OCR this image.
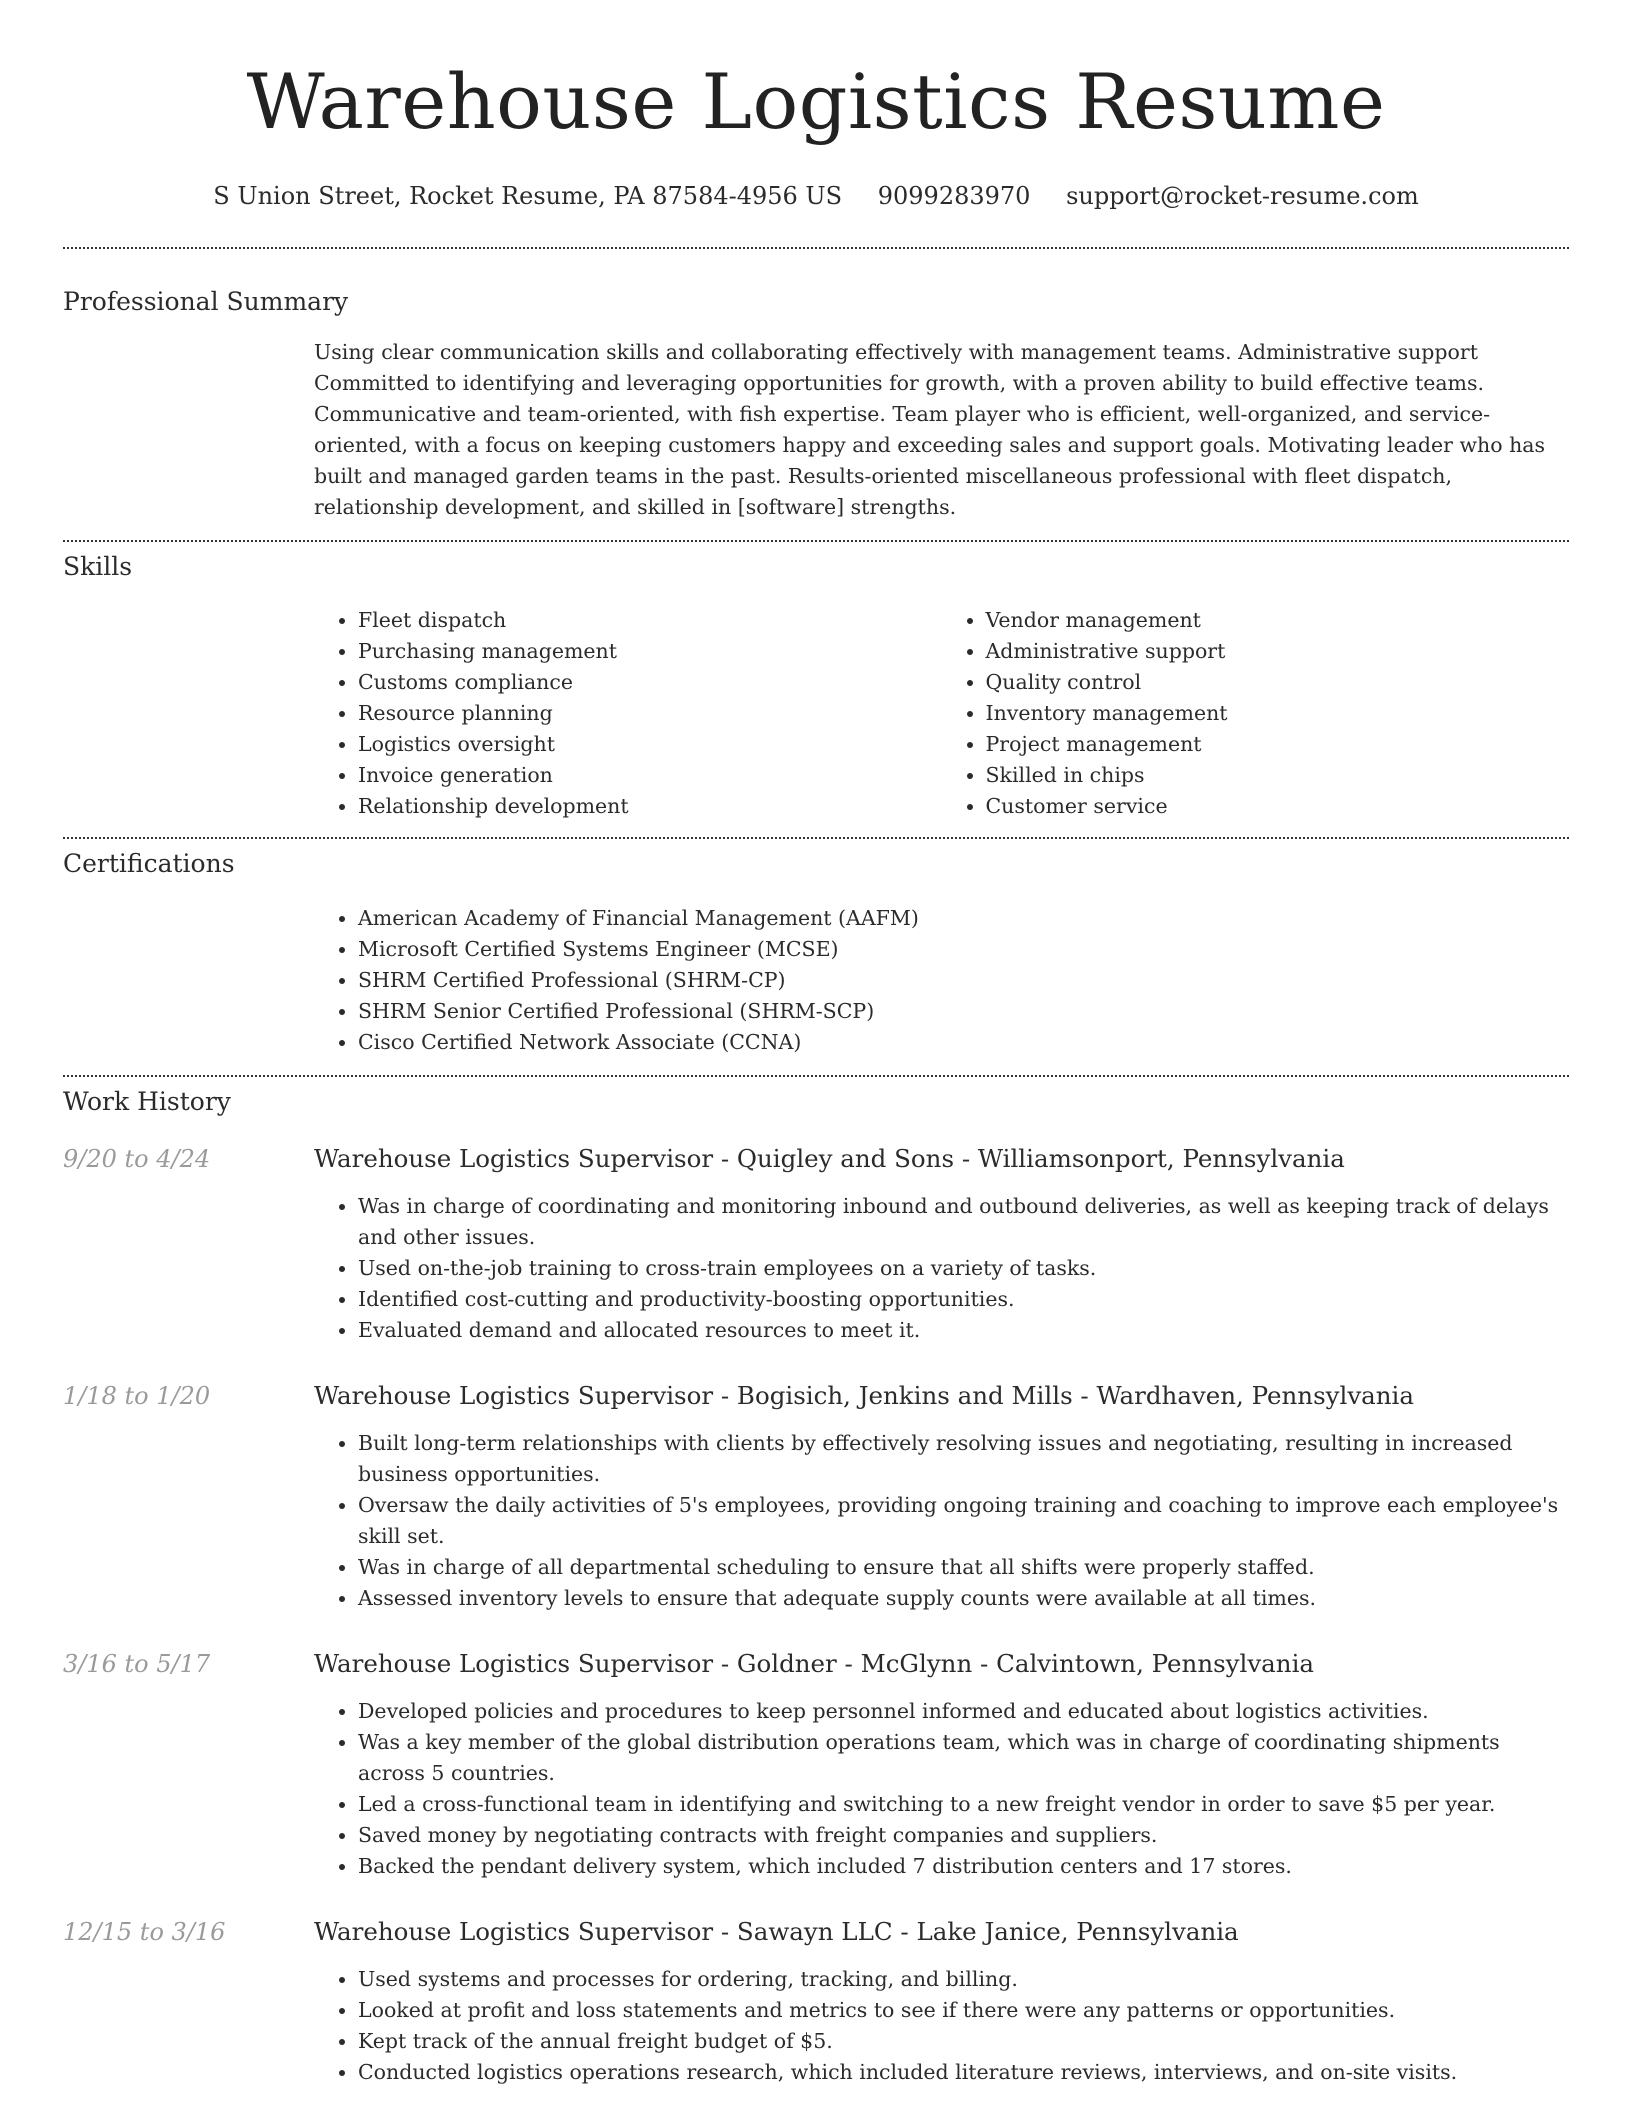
Warehouse Logistics Resume
S Union Street, Rocket Resume, PA 87584-4956 US 9099283970 support@rocket-resume.com
Professional Summary
Using clear communication skills and collaborating effectively with management teams. Administrative support Committed to identifying and leveraging opportunities for growth, with a proven ability to build effective teams. Communicative and team-oriented, with fish expertise. Team player who is efficient, well-organized, and service-oriented, with a focus on keeping customers happy and exceeding sales and support goals. Motivating leader who has built and managed garden teams in the past. Results-oriented miscellaneous professional with fleet dispatch, relationship development, and skilled in [software] strengths.
Skills
• Fleet dispatch
• Purchasing management
• Customs compliance
• Resource planning
• Logistics oversight
• Invoice generation
• Relationship development
• Vendor management
• Administrative support
• Quality control
• Inventory management
• Project management
• Skilled in chips
• Customer service
Certifications
• American Academy of Financial Management (AAFM)
• Microsoft Certified Systems Engineer (MCSE)
• SHRM Certified Professional (SHRM-CP)
• SHRM Senior Certified Professional (SHRM-SCP)
• Cisco Certified Network Associate (CCNA)
Work History
9/20 to 4/24	Warehouse Logistics Supervisor - Quigley and Sons - Williamsonport, Pennsylvania
• Was in charge of coordinating and monitoring inbound and outbound deliveries, as well as keeping track of delays and other issues.
• Used on-the-job training to cross-train employees on a variety of tasks.
• Identified cost-cutting and productivity-boosting opportunities.
• Evaluated demand and allocated resources to meet it.
1/18 to 1/20	Warehouse Logistics Supervisor - Bogisich, Jenkins and Mills - Wardhaven, Pennsylvania
• Built long-term relationships with clients by effectively resolving issues and negotiating, resulting in increased business opportunities.
• Oversaw the daily activities of 5's employees, providing ongoing training and coaching to improve each employee's skill set.
• Was in charge of all departmental scheduling to ensure that all shifts were properly staffed.
• Assessed inventory levels to ensure that adequate supply counts were available at all times.
3/16 to 5/17	Warehouse Logistics Supervisor - Goldner - McGlynn - Calvintown, Pennsylvania
• Developed policies and procedures to keep personnel informed and educated about logistics activities.
• Was a key member of the global distribution operations team, which was in charge of coordinating shipments across 5 countries.
• Led a cross-functional team in identifying and switching to a new freight vendor in order to save $5 per year.
• Saved money by negotiating contracts with freight companies and suppliers.
• Backed the pendant delivery system, which included 7 distribution centers and 17 stores.
12/15 to 3/16	Warehouse Logistics Supervisor - Sawayn LLC - Lake Janice, Pennsylvania
• Used systems and processes for ordering, tracking, and billing.
• Looked at profit and loss statements and metrics to see if there were any patterns or opportunities.
• Kept track of the annual freight budget of $5.
• Conducted logistics operations research, which included literature reviews, interviews, and on-site visits.
